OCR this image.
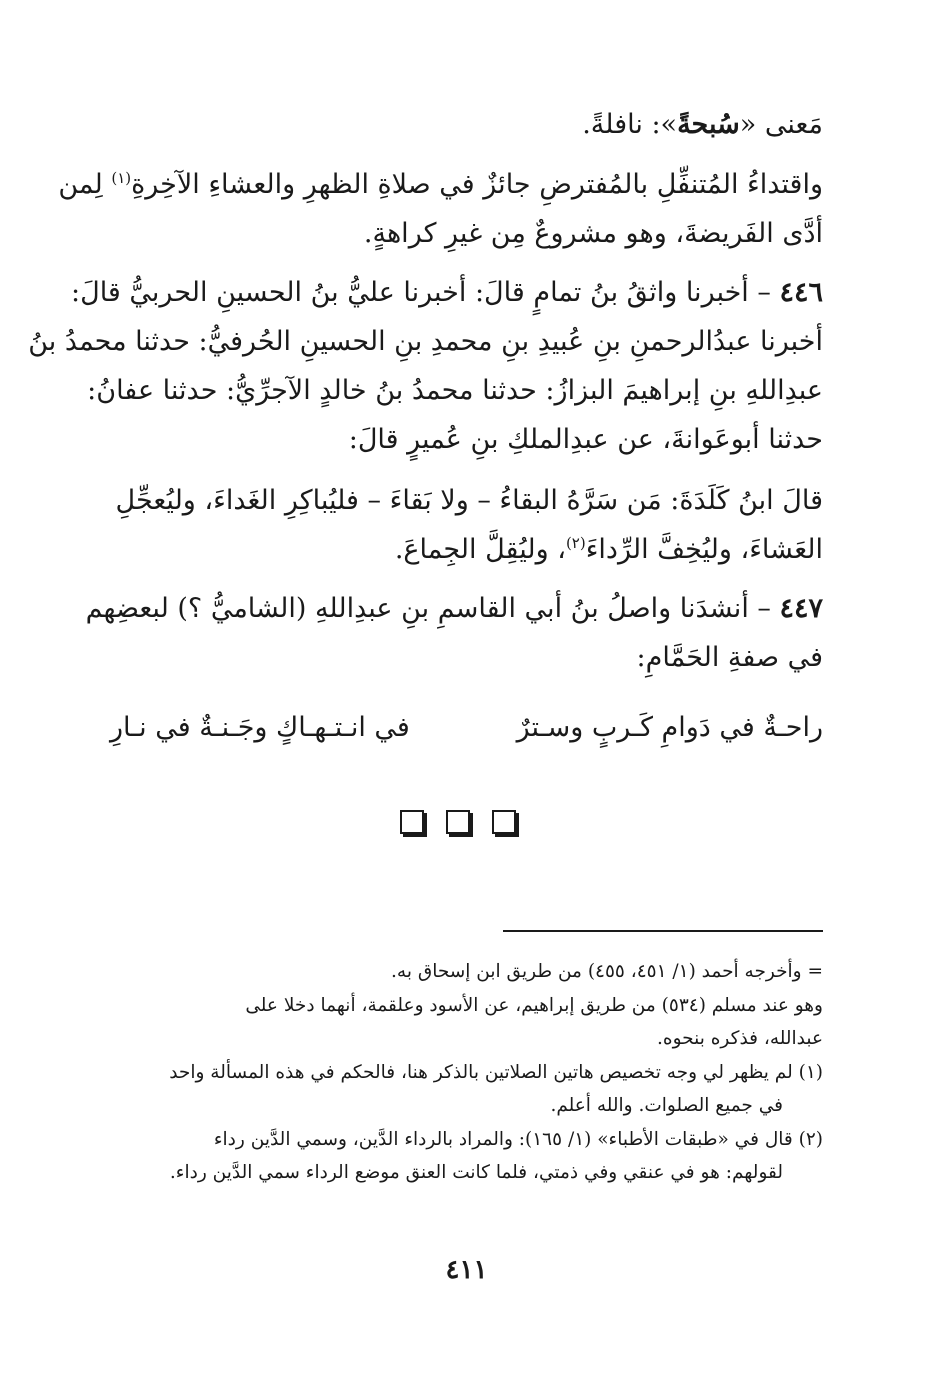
مَعنى «سُبحةً»: نافلةً.

واقتداءُ المُتنفِّلِ بالمُفترضِ جائزٌ في صلاةِ الظهرِ والعشاءِ الآخِرةِ$^{(١)}$ لِمن
أدَّى الفَريضةَ، وهو مشروعٌ مِن غيرِ كراهةٍ.

٤٤٦ – أخبرنا واثقُ بنُ تمامٍ قالَ: أخبرنا عليُّ بنُ الحسينِ الحربيُّ قالَ:
أخبرنا عبدُالرحمنِ بنِ عُبيدِ بنِ محمدِ بنِ الحسينِ الحُرفيُّ: حدثنا محمدُ بنُ
عبدِاللهِ بنِ إبراهيمَ البزازُ: حدثنا محمدُ بنُ خالدٍ الآجرِّيُّ: حدثنا عفانُ:
حدثنا أبوعَوانةَ، عن عبدِالملكِ بنِ عُميرٍ قالَ:

قالَ ابنُ كَلَدَةَ: مَن سَرَّهُ البقاءُ – ولا بَقاءَ – فليُباكِرِ الغَداءَ، وليُعجِّلِ
العَشاءَ، وليُخِفَّ الرِّداءَ$^{(٢)}$، وليُقِلَّ الجِماعَ.

٤٤٧ – أنشدَنا واصلُ بنُ أبي القاسمِ بنِ عبدِاللهِ (الشاميُّ ؟) لبعضِهم
في صفةِ الحَمَّامِ:

راحـةٌ في دَوامِ كَـربٍ وسـترٌ
في انـتـهـاكٍ وجَـنـةٌ في نـارِ
= وأخرجه أحمد (١/ ٤٥١، ٤٥٥) من طريق ابن إسحاق به.
وهو عند مسلم (٥٣٤) من طريق إبراهيم، عن الأسود وعلقمة، أنهما دخلا على
عبدالله، فذكره بنحوه.
(١) لم يظهر لي وجه تخصيص هاتين الصلاتين بالذكر هنا، فالحكم في هذه المسألة واحد
في جميع الصلوات. والله أعلم.
(٢) قال في «طبقات الأطباء» (١/ ١٦٥): والمراد بالرداء الدَّين، وسمي الدَّين رداء
لقولهم: هو في عنقي وفي ذمتي، فلما كانت العنق موضع الرداء سمي الدَّين رداء.
٤١١
